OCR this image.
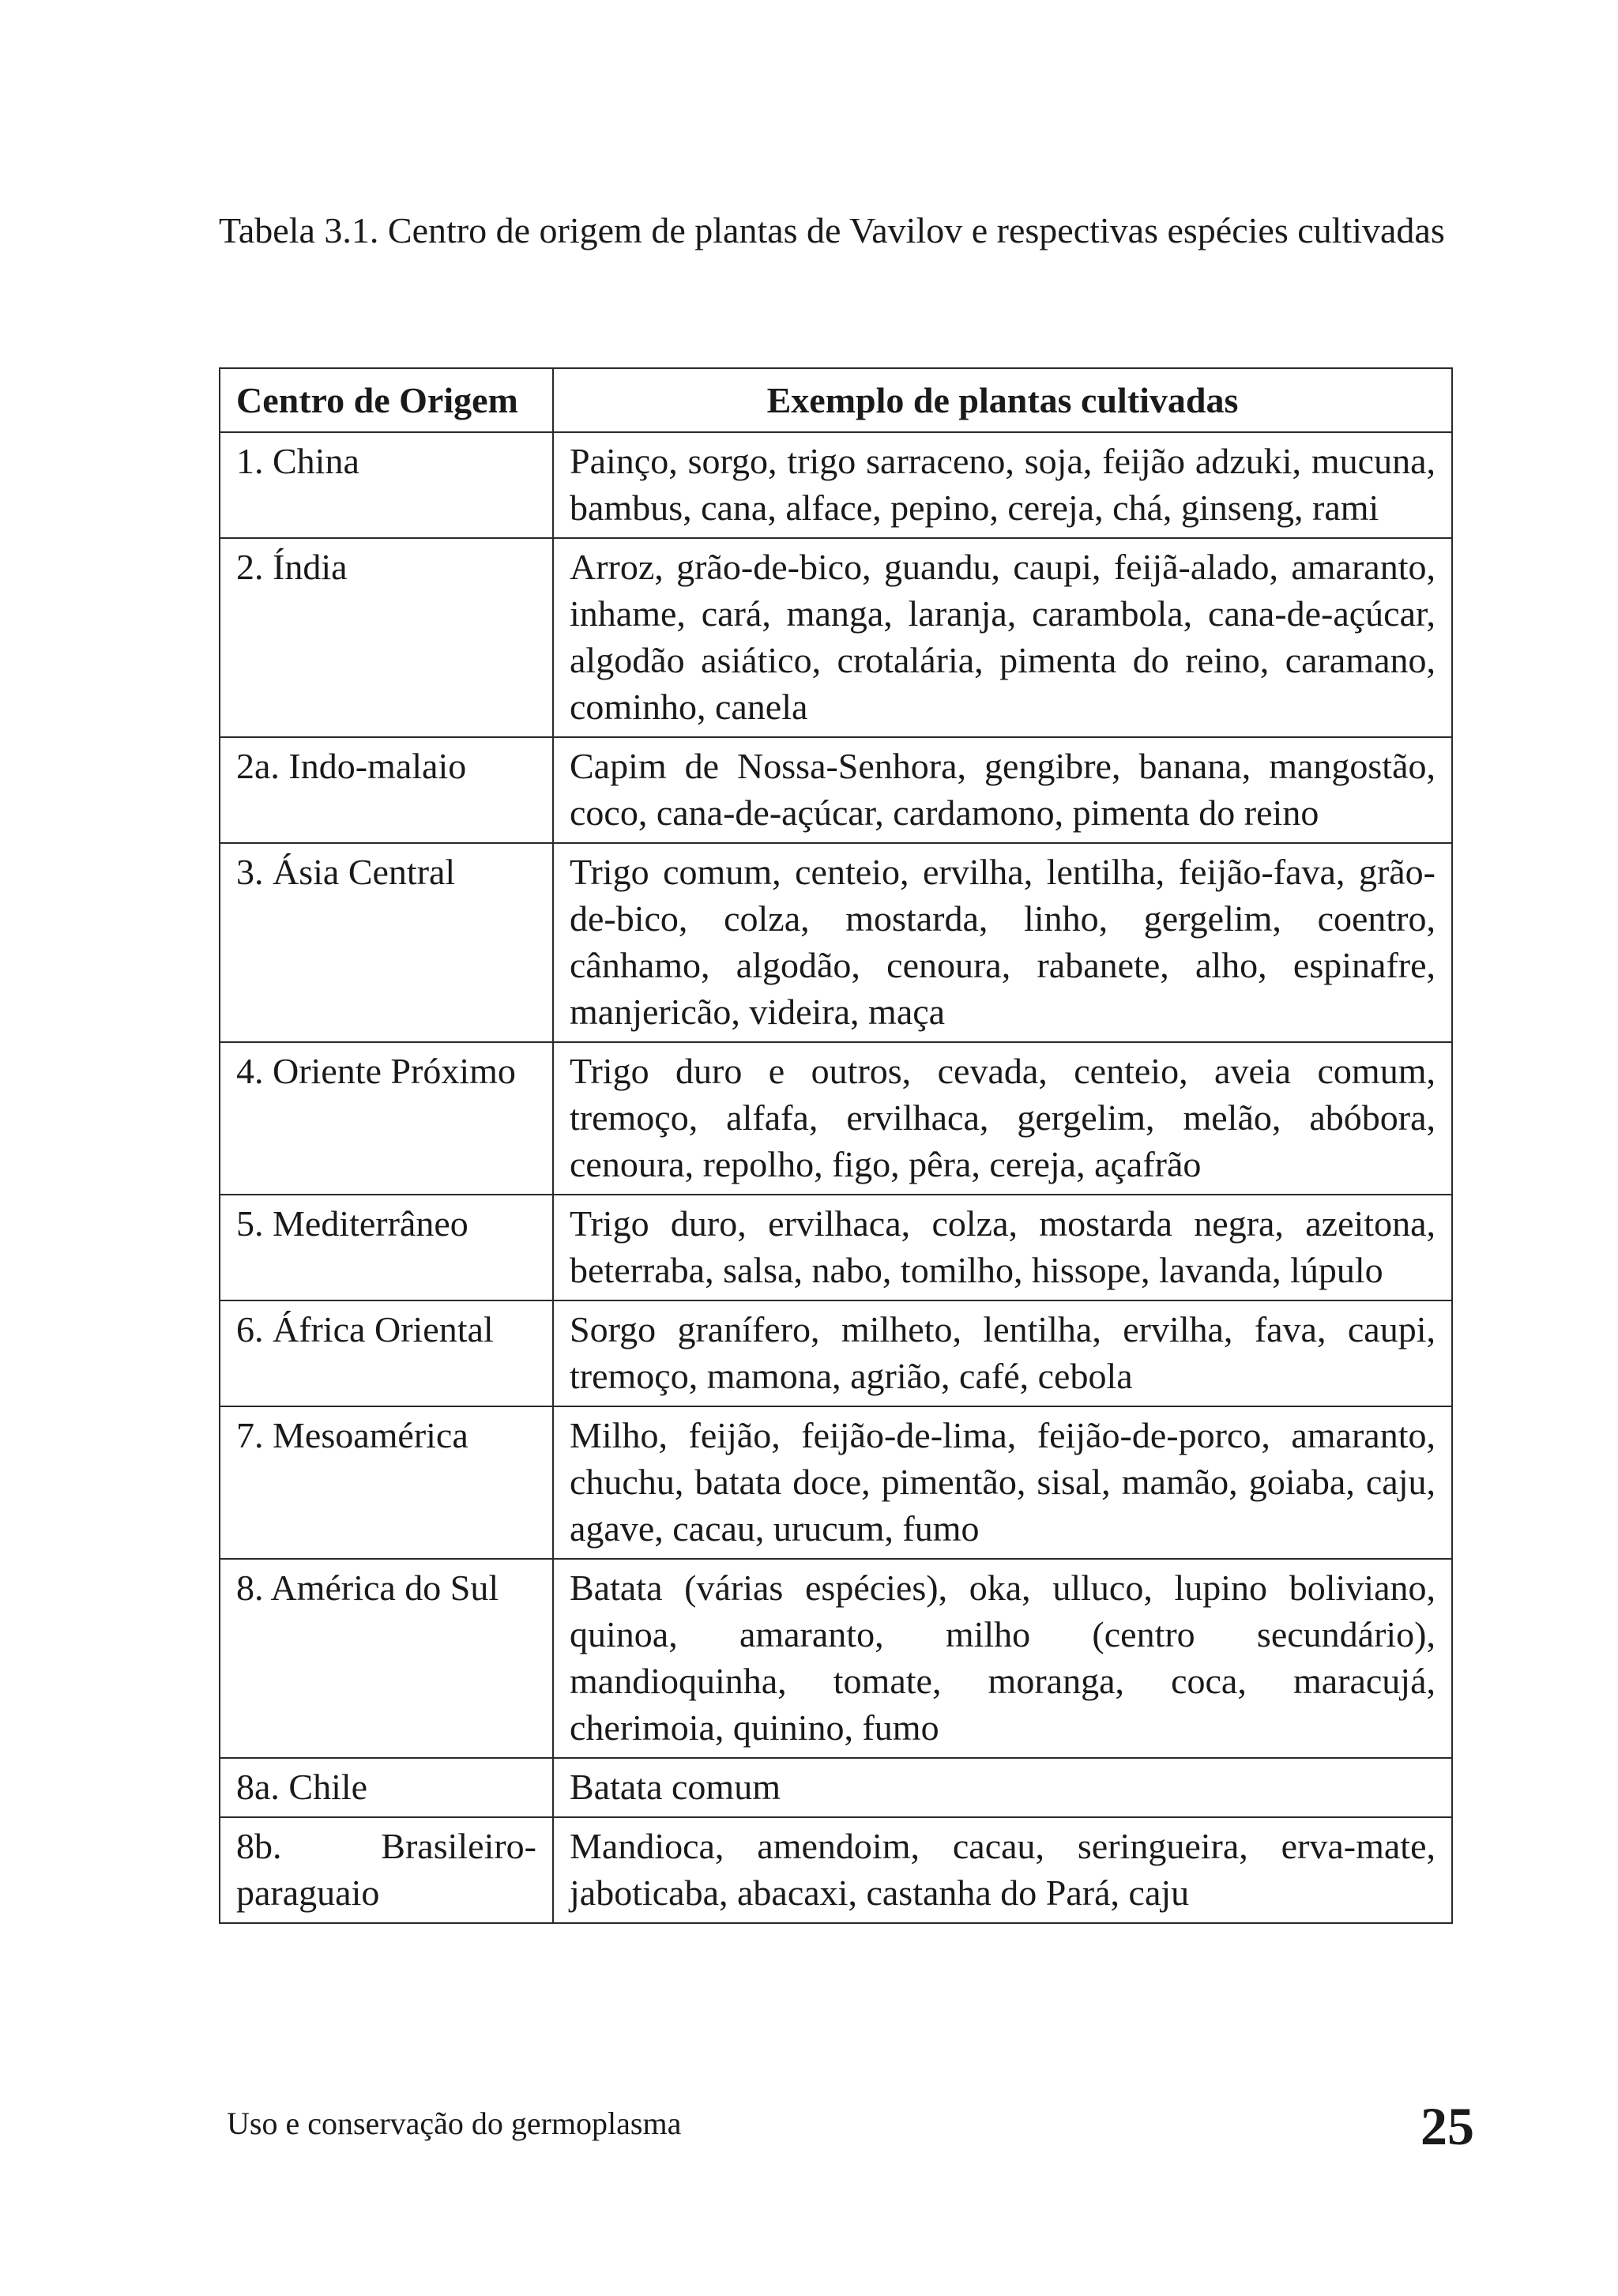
Tabela 3.1. Centro de origem de plantas de Vavilov e respectivas espécies cultivadas

Centro de Origem	Exemplo de plantas cultivadas
1. China	Painço, sorgo, trigo sarraceno, soja, feijão adzuki, mucuna, bambus, cana, alface, pepino, cereja, chá, ginseng, rami
2. Índia	Arroz, grão-de-bico, guandu, caupi, feijã-alado, amaranto, inhame, cará, manga, laranja, carambola, cana-de-açúcar, algodão asiático, crotalária, pimenta do reino, caramano, cominho, canela
2a. Indo-malaio	Capim de Nossa-Senhora, gengibre, banana, mangostão, coco, cana-de-açúcar, cardamono, pimenta do reino
3. Ásia Central	Trigo comum, centeio, ervilha, lentilha, feijão-fava, grão-de-bico, colza, mostarda, linho, gergelim, coentro, cânhamo, algodão, cenoura, rabanete, alho, espinafre, manjericão, videira, maça
4. Oriente Próximo	Trigo duro e outros, cevada, centeio, aveia comum, tremoço, alfafa, ervilhaca, gergelim, melão, abóbora, cenoura, repolho, figo, pêra, cereja, açafrão
5. Mediterrâneo	Trigo duro, ervilhaca, colza, mostarda negra, azeitona, beterraba, salsa, nabo, tomilho, hissope, lavanda, lúpulo
6. África Oriental	Sorgo granífero, milheto, lentilha, ervilha, fava, caupi, tremoço, mamona, agrião, café, cebola
7. Mesoamérica	Milho, feijão, feijão-de-lima, feijão-de-porco, amaranto, chuchu, batata doce, pimentão, sisal, mamão, goiaba, caju, agave, cacau, urucum, fumo
8. América do Sul	Batata (várias espécies), oka, ulluco, lupino boliviano, quinoa, amaranto, milho (centro secundário), mandioquinha, tomate, moranga, coca, maracujá, cherimoia, quinino, fumo
8a. Chile	Batata comum
8b. Brasileiro-paraguaio	Mandioca, amendoim, cacau, seringueira, erva-mate, jaboticaba, abacaxi, castanha do Pará, caju

Uso e conservação do germoplasma	25
